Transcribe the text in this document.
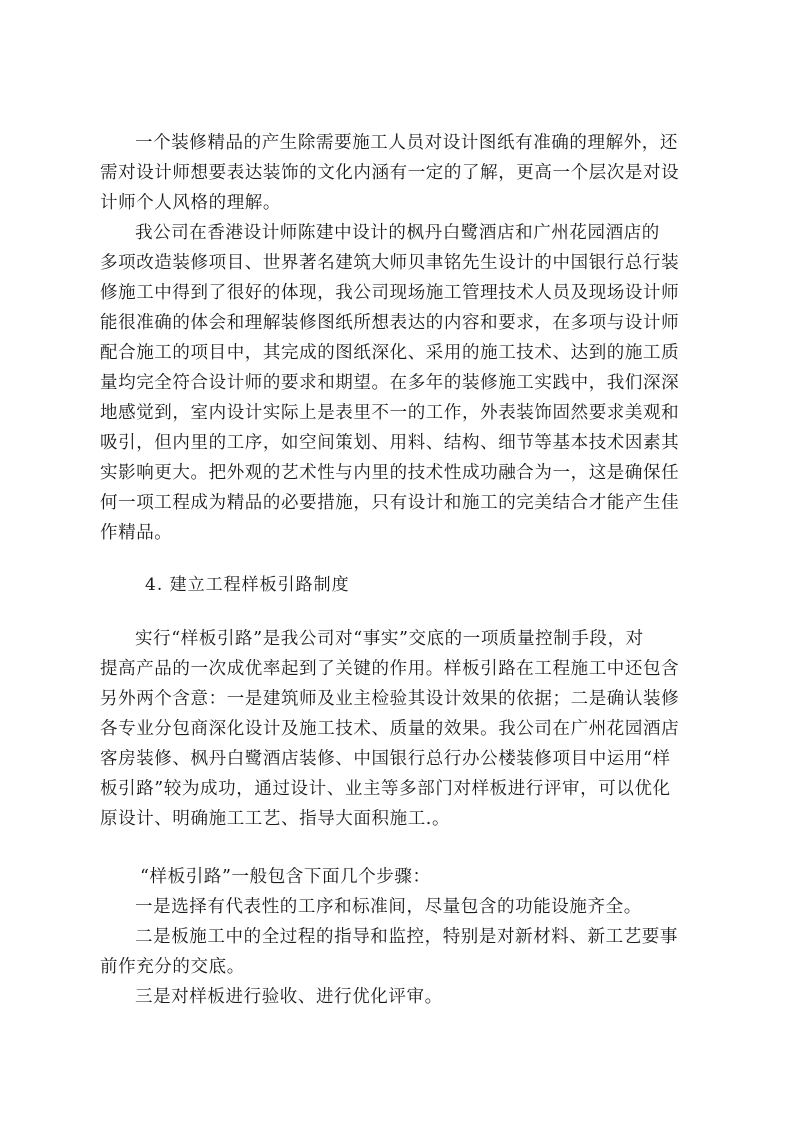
一个装修精品的产生除需要施工人员对设计图纸有准确的理解外，还
需对设计师想要表达装饰的文化内涵有一定的了解，更高一个层次是对设
计师个人风格的理解。
我公司在香港设计师陈建中设计的枫丹白鹭酒店和广州花园酒店的
多项改造装修项目、世界著名建筑大师贝聿铭先生设计的中国银行总行装
修施工中得到了很好的体现，我公司现场施工管理技术人员及现场设计师
能很准确的体会和理解装修图纸所想表达的内容和要求，在多项与设计师
配合施工的项目中，其完成的图纸深化、采用的施工技术、达到的施工质
量均完全符合设计师的要求和期望。在多年的装修施工实践中，我们深深
地感觉到，室内设计实际上是表里不一的工作，外表装饰固然要求美观和
吸引，但内里的工序，如空间策划、用料、结构、细节等基本技术因素其
实影响更大。把外观的艺术性与内里的技术性成功融合为一，这是确保任
何一项工程成为精品的必要措施，只有设计和施工的完美结合才能产生佳
作精品。
4. 建立工程样板引路制度
实行“样板引路”是我公司对“事实”交底的一项质量控制手段，对
提高产品的一次成优率起到了关键的作用。样板引路在工程施工中还包含
另外两个含意：一是建筑师及业主检验其设计效果的依据；二是确认装修
各专业分包商深化设计及施工技术、质量的效果。我公司在广州花园酒店
客房装修、枫丹白鹭酒店装修、中国银行总行办公楼装修项目中运用“样
板引路”较为成功，通过设计、业主等多部门对样板进行评审，可以优化
原设计、明确施工工艺、指导大面积施工.。
“样板引路”一般包含下面几个步骤：
一是选择有代表性的工序和标准间，尽量包含的功能设施齐全。
二是板施工中的全过程的指导和监控，特别是对新材料、新工艺要事
前作充分的交底。
三是对样板进行验收、进行优化评审。
